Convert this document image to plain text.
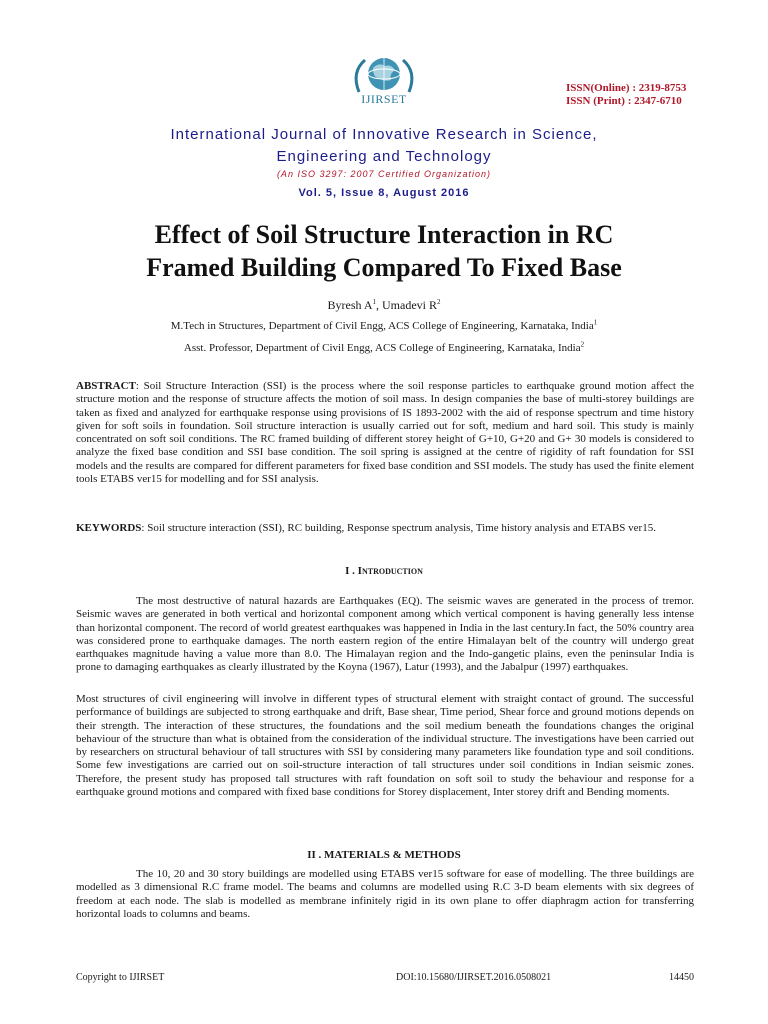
IJIRSET
ISSN(Online) : 2319-8753
ISSN (Print) : 2347-6710
International Journal of Innovative Research in Science,
Engineering and Technology
(An ISO 3297: 2007 Certified Organization)
Vol. 5, Issue 8, August 2016
Effect of Soil Structure Interaction in RC
Framed Building Compared To Fixed Base
Byresh $A^1$, Umadevi $R^2$
M.Tech in Structures, Department of Civil Engg, ACS College of Engineering, Karnataka, India$^1$
Asst. Professor, Department of Civil Engg, ACS College of Engineering, Karnataka, India$^2$
ABSTRACT: Soil Structure Interaction (SSI) is the process where the soil response particles to earthquake ground motion affect the structure motion and the response of structure affects the motion of soil mass. In design companies the base of multi-storey buildings are taken as fixed and analyzed for earthquake response using provisions of IS 1893-2002 with the aid of response spectrum and time history given for soft soils in foundation. Soil structure interaction is usually carried out for soft, medium and hard soil. This study is mainly concentrated on soft soil conditions. The RC framed building of different storey height of G+10, G+20 and G+ 30 models is considered to analyze the fixed base condition and SSI base condition. The soil spring is assigned at the centre of rigidity of raft foundation for SSI models and the results are compared for different parameters for fixed base condition and SSI models. The study has used the finite element tools ETABS ver15 for modelling and for SSI analysis.
KEYWORDS: Soil structure interaction (SSI), RC building, Response spectrum analysis, Time history analysis and ETABS ver15.
I . Introduction
The most destructive of natural hazards are Earthquakes (EQ). The seismic waves are generated in the process of tremor. Seismic waves are generated in both vertical and horizontal component among which vertical component is having generally less intense than horizontal component. The record of world greatest earthquakes was happened in India in the last century.In fact, the 50% country area was considered prone to earthquake damages. The north eastern region of the entire Himalayan belt of the country will undergo great earthquakes magnitude having a value more than 8.0. The Himalayan region and the Indo-gangetic plains, even the peninsular India is prone to damaging earthquakes as clearly illustrated by the Koyna (1967), Latur (1993), and the Jabalpur (1997) earthquakes.
Most structures of civil engineering will involve in different types of structural element with straight contact of ground. The successful performance of buildings are subjected to strong earthquake and drift, Base shear, Time period, Shear force and ground motions depends on their strength. The interaction of these structures, the foundations and the soil medium beneath the foundations changes the original behaviour of the structure than what is obtained from the consideration of the individual structure. The investigations have been carried out by researchers on structural behaviour of tall structures with SSI by considering many parameters like foundation type and soil conditions. Some few investigations are carried out on soil-structure interaction of tall structures under soil conditions in Indian seismic zones. Therefore, the present study has proposed tall structures with raft foundation on soft soil to study the behaviour and response for a earthquake ground motions and compared with fixed base conditions for Storey displacement, Inter storey drift and Bending moments.
II . MATERIALS & METHODS
The 10, 20 and 30 story buildings are modelled using ETABS ver15 software for ease of modelling. The three buildings are modelled as 3 dimensional R.C frame model. The beams and columns are modelled using R.C 3-D beam elements with six degrees of freedom at each node. The slab is modelled as membrane infinitely rigid in its own plane to offer diaphragm action for transferring horizontal loads to columns and beams.
Copyright to IJIRSET	DOI:10.15680/IJIRSET.2016.0508021	14450
